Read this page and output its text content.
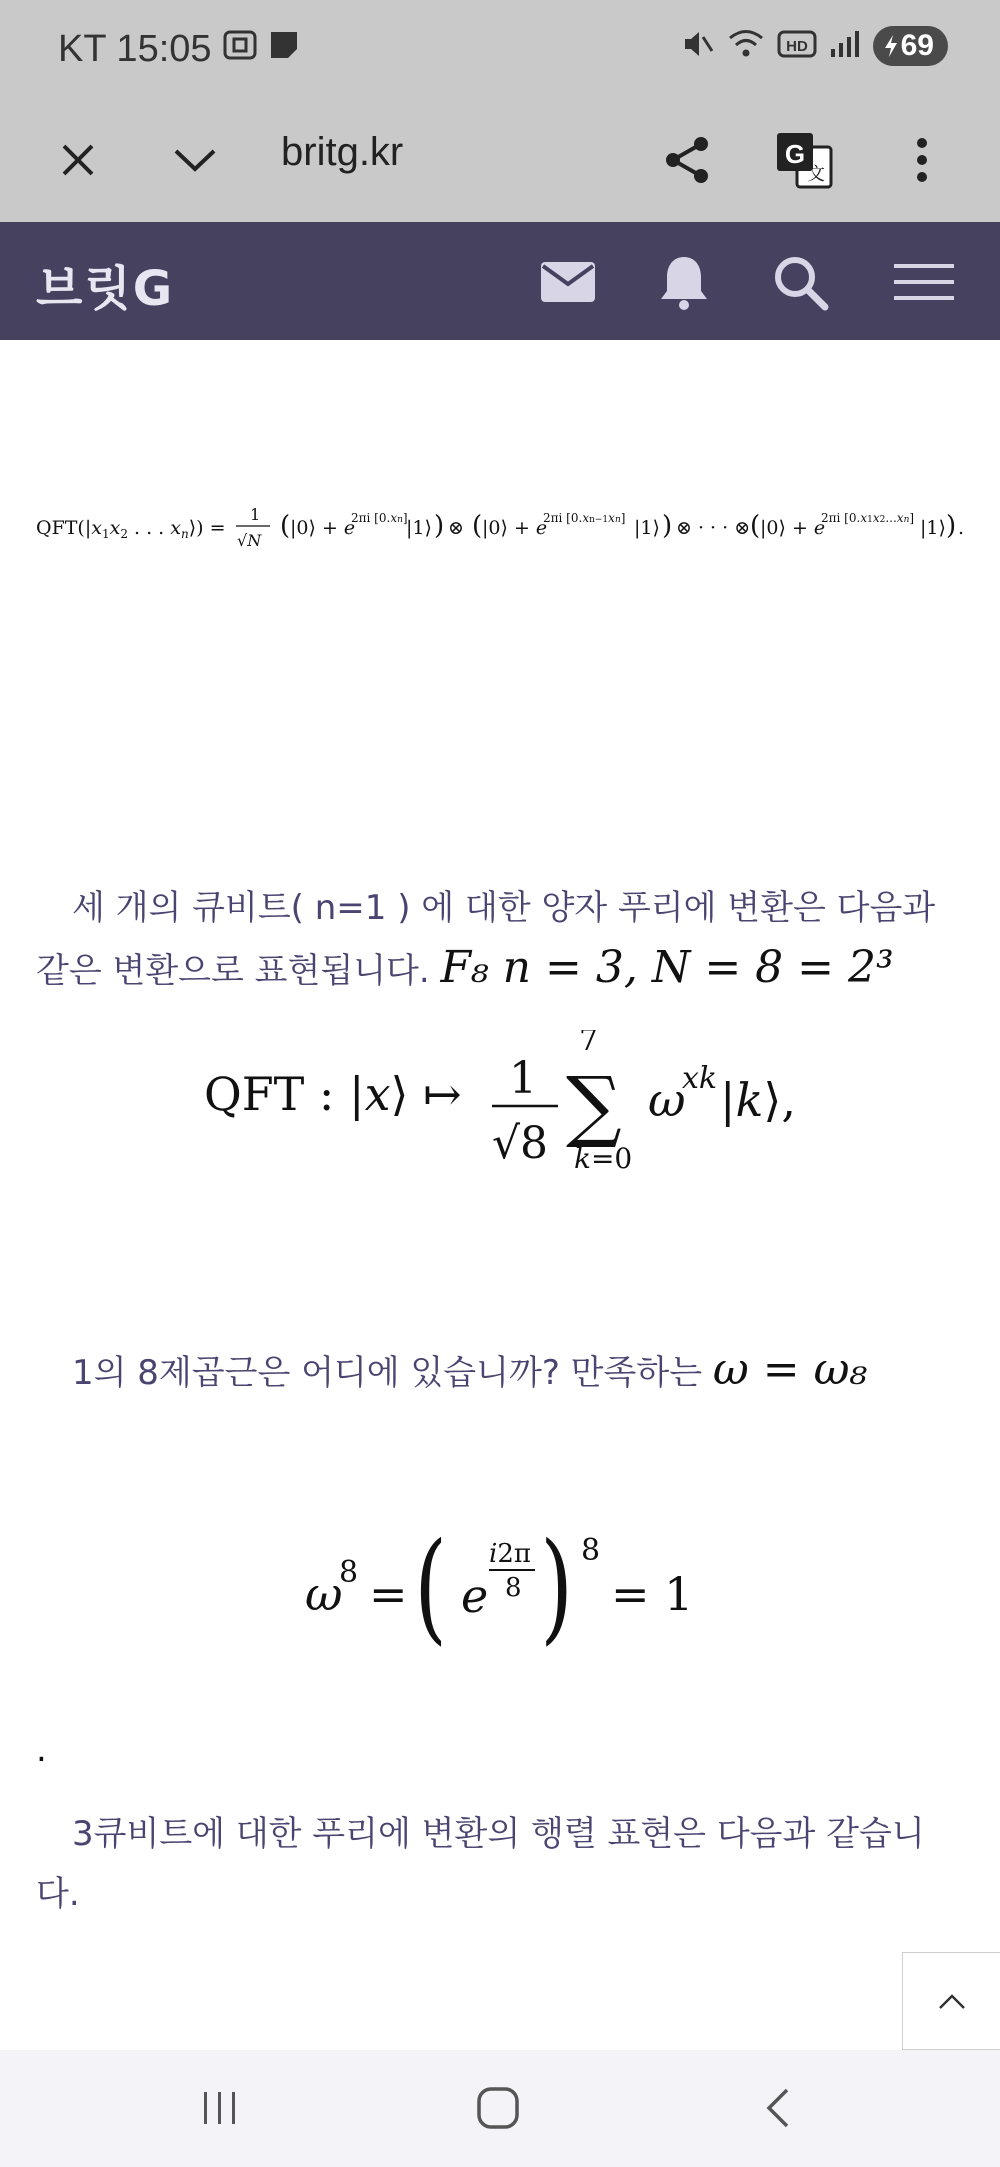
KT 15:05	HD	69
britg.kr	G
文
브릿G
$QFT(|x_1x_2$ . . . $x_n⟩$) =
1
√N ( |0⟩ + e
2πi [0.xn]
|1⟩ ) ⊗ ( |0⟩ + e
2πi [0.xn−1xn] |1⟩ ) ⊗ · · · ⊗ ( |0⟩ + e
2πi [0.x1x2...xn] |1⟩ ) .
세 개의 큐비트( n=1 ) 에 대한 양자 푸리에 변환은 다음과 같은 변환으로 표현됩니다. F₈ n = 3, N = 8 = 2³
QFT : |x⟩ ↦ 1
√8
7
∑
k=0
ω
xk |k⟩,
1의 8제곱근은 어디에 있습니까? 만족하는 ω = ω₈
ω
8 = ( e
i2π
8 ) 8
= 1
.
3큐비트에 대한 푸리에 변환의 행렬 표현은 다음과 같습니다.
